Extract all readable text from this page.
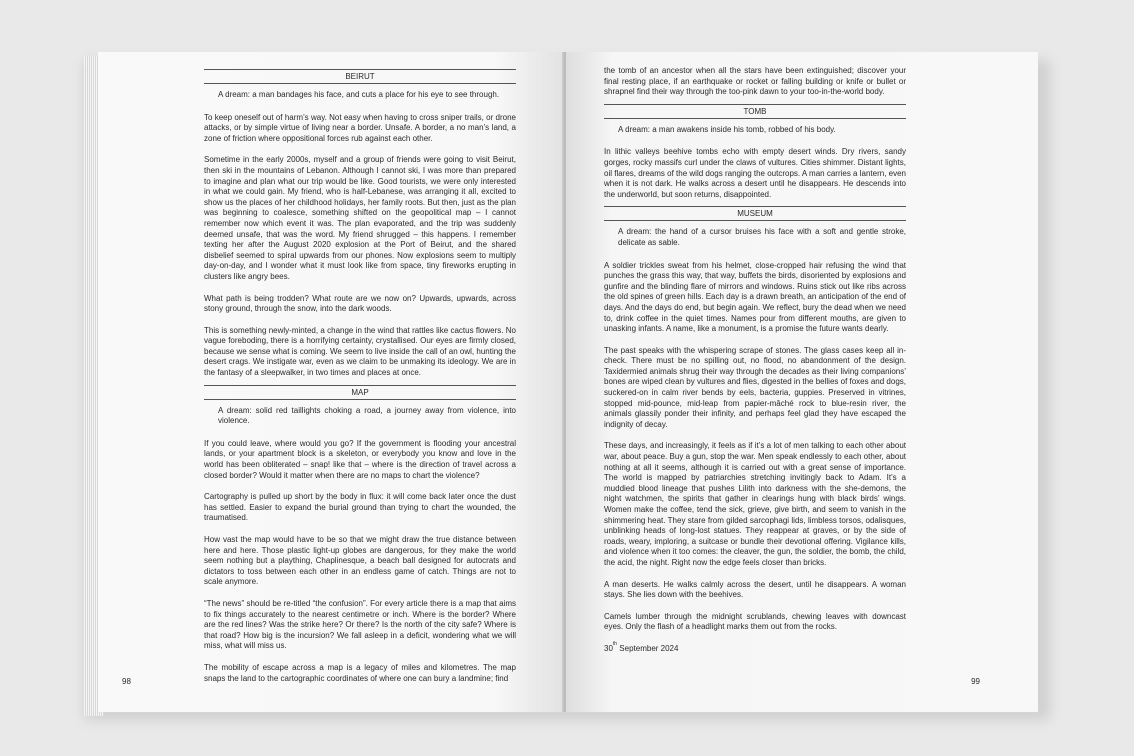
BEIRUT

A dream: a man bandages his face, and cuts a place for his eye to see through.

To keep oneself out of harm’s way. Not easy when having to cross sniper trails, or drone attacks, or by simple virtue of living near a border. Unsafe. A border, a no man’s land, a zone of friction where oppositional forces rub against each other.

Sometime in the early 2000s, myself and a group of friends were going to visit Beirut, then ski in the mountains of Lebanon. Although I cannot ski, I was more than prepared to imagine and plan what our trip would be like. Good tourists, we were only interested in what we could gain. My friend, who is half-Lebanese, was arranging it all, excited to show us the places of her childhood holidays, her family roots. But then, just as the plan was beginning to coalesce, something shifted on the geopolitical map – I cannot remember now which event it was. The plan evaporated, and the trip was suddenly deemed unsafe, that was the word. My friend shrugged – this happens. I remember texting her after the August 2020 explosion at the Port of Beirut, and the shared disbelief seemed to spiral upwards from our phones. Now explosions seem to multiply day-on-day, and I wonder what it must look like from space, tiny fireworks erupting in clusters like angry bees.

What path is being trodden? What route are we now on? Upwards, upwards, across stony ground, through the snow, into the dark woods.

This is something newly-minted, a change in the wind that rattles like cactus flowers. No vague foreboding, there is a horrifying certainty, crystallised. Our eyes are firmly closed, because we sense what is coming. We seem to live inside the call of an owl, hunting the desert crags. We instigate war, even as we claim to be unmaking its ideology. We are in the fantasy of a sleepwalker, in two times and places at once.

MAP

A dream: solid red taillights choking a road, a journey away from violence, into violence.

If you could leave, where would you go? If the government is flooding your ancestral lands, or your apartment block is a skeleton, or everybody you know and love in the world has been obliterated – snap! like that – where is the direction of travel across a closed border? Would it matter when there are no maps to chart the violence?

Cartography is pulled up short by the body in flux: it will come back later once the dust has settled. Easier to expand the burial ground than trying to chart the wounded, the traumatised.

How vast the map would have to be so that we might draw the true distance between here and here. Those plastic light-up globes are dangerous, for they make the world seem nothing but a plaything, Chaplinesque, a beach ball designed for autocrats and dictators to toss between each other in an endless game of catch. Things are not to scale anymore.

“The news” should be re-titled “the confusion”. For every article there is a map that aims to fix things accurately to the nearest centimetre or inch. Where is the border? Where are the red lines? Was the strike here? Or there? Is the north of the city safe? Where is that road? How big is the incursion? We fall asleep in a deficit, wondering what we will miss, what will miss us.

The mobility of escape across a map is a legacy of miles and kilometres. The map snaps the land to the cartographic coordinates of where one can bury a landmine; find

98

the tomb of an ancestor when all the stars have been extinguished; discover your final resting place, if an earthquake or rocket or falling building or knife or bullet or shrapnel find their way through the too-pink dawn to your too-in-the-world body.

TOMB

A dream: a man awakens inside his tomb, robbed of his body.

In lithic valleys beehive tombs echo with empty desert winds. Dry rivers, sandy gorges, rocky massifs curl under the claws of vultures. Cities shimmer. Distant lights, oil flares, dreams of the wild dogs ranging the outcrops. A man carries a lantern, even when it is not dark. He walks across a desert until he disappears. He descends into the underworld, but soon returns, disappointed.

MUSEUM

A dream: the hand of a cursor bruises his face with a soft and gentle stroke, delicate as sable.

A soldier trickles sweat from his helmet, close-cropped hair refusing the wind that punches the grass this way, that way, buffets the birds, disoriented by explosions and gunfire and the blinding flare of mirrors and windows. Ruins stick out like ribs across the old spines of green hills. Each day is a drawn breath, an anticipation of the end of days. And the days do end, but begin again. We reflect, bury the dead when we need to, drink coffee in the quiet times. Names pour from different mouths, are given to unasking infants. A name, like a monument, is a promise the future wants dearly.

The past speaks with the whispering scrape of stones. The glass cases keep all in-check. There must be no spilling out, no flood, no abandonment of the design. Taxidermied animals shrug their way through the decades as their living companions’ bones are wiped clean by vultures and flies, digested in the bellies of foxes and dogs, suckered-on in calm river bends by eels, bacteria, guppies. Preserved in vitrines, stopped mid-pounce, mid-leap from papier-mâché rock to blue-resin river, the animals glassily ponder their infinity, and perhaps feel glad they have escaped the indignity of decay.

These days, and increasingly, it feels as if it’s a lot of men talking to each other about war, about peace. Buy a gun, stop the war. Men speak endlessly to each other, about nothing at all it seems, although it is carried out with a great sense of importance. The world is mapped by patriarchies stretching invitingly back to Adam. It’s a muddied blood lineage that pushes Lilith into darkness with the she-demons, the night watchmen, the spirits that gather in clearings hung with black birds’ wings. Women make the coffee, tend the sick, grieve, give birth, and seem to vanish in the shimmering heat. They stare from gilded sarcophagi lids, limbless torsos, odalisques, unblinking heads of long-lost statues. They reappear at graves, or by the side of roads, weary, imploring, a suitcase or bundle their devotional offering. Vigilance kills, and violence when it too comes: the cleaver, the gun, the soldier, the bomb, the child, the acid, the night. Right now the edge feels closer than bricks.

A man deserts. He walks calmly across the desert, until he disappears. A woman stays. She lies down with the beehives.

Camels lumber through the midnight scrublands, chewing leaves with downcast eyes. Only the flash of a headlight marks them out from the rocks.

30th September 2024

99
